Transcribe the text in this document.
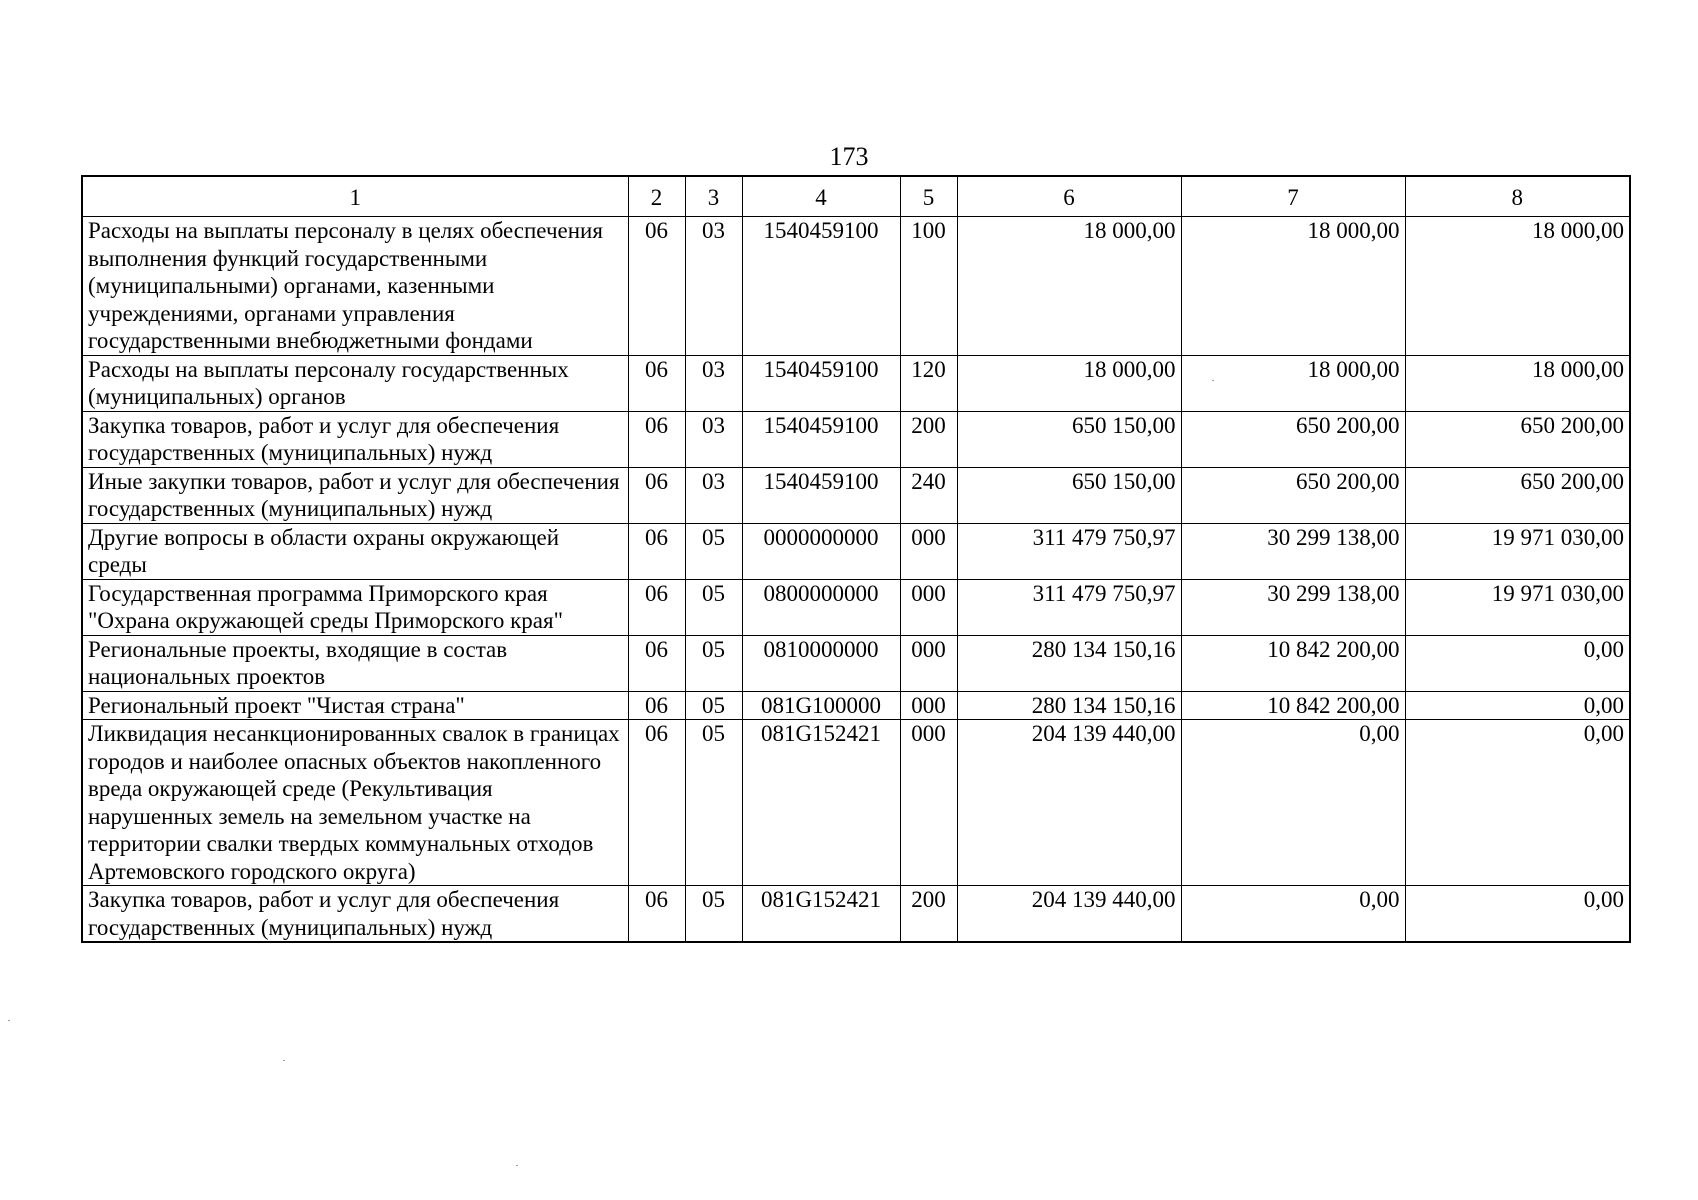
173
1	2	3	4	5	6	7	8
Расходы на выплаты персоналу в целях обеспечения выполнения функций государственными (муниципальными) органами, казенными учреждениями, органами управления государственными внебюджетными фондами	06	03	1540459100	100	18 000,00	18 000,00	18 000,00
Расходы на выплаты персоналу государственных (муниципальных) органов	06	03	1540459100	120	18 000,00	18 000,00	18 000,00
Закупка товаров, работ и услуг для обеспечения государственных (муниципальных) нужд	06	03	1540459100	200	650 150,00	650 200,00	650 200,00
Иные закупки товаров, работ и услуг для обеспечения государственных (муниципальных) нужд	06	03	1540459100	240	650 150,00	650 200,00	650 200,00
Другие вопросы в области охраны окружающей среды	06	05	0000000000	000	311 479 750,97	30 299 138,00	19 971 030,00
Государственная программа Приморского края "Охрана окружающей среды Приморского края"	06	05	0800000000	000	311 479 750,97	30 299 138,00	19 971 030,00
Региональные проекты, входящие в состав национальных проектов	06	05	0810000000	000	280 134 150,16	10 842 200,00	0,00
Региональный проект "Чистая страна"	06	05	081G100000	000	280 134 150,16	10 842 200,00	0,00
Ликвидация несанкционированных свалок в границах городов и наиболее опасных объектов накопленного вреда окружающей среде (Рекультивация нарушенных земель на земельном участке на территории свалки твердых коммунальных отходов Артемовского городского округа)	06	05	081G152421	000	204 139 440,00	0,00	0,00
Закупка товаров, работ и услуг для обеспечения государственных (муниципальных) нужд	06	05	081G152421	200	204 139 440,00	0,00	0,00
